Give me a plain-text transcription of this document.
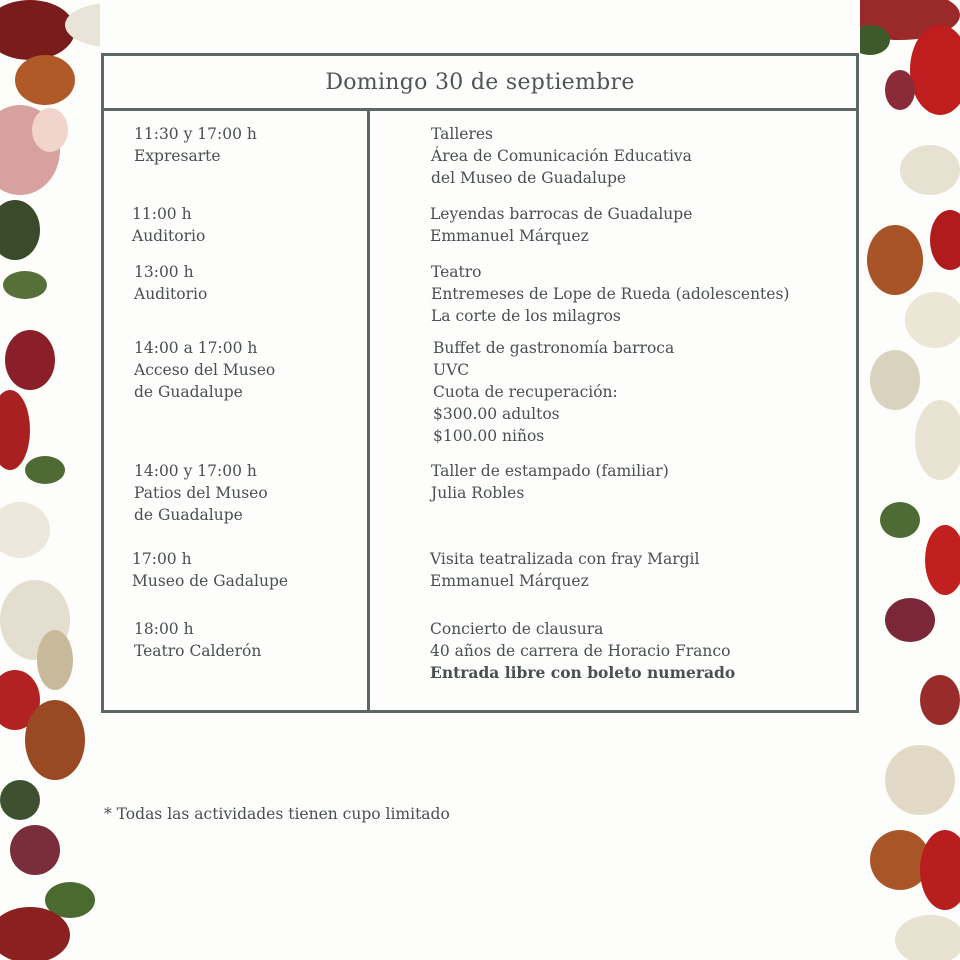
Domingo 30 de septiembre
11:30 y 17:00 h
Expresarte
Talleres
Área de Comunicación Educativa
del Museo de Guadalupe
11:00 h
Auditorio
Leyendas barrocas de Guadalupe
Emmanuel Márquez
13:00 h
Auditorio
Teatro
Entremeses de Lope de Rueda (adolescentes)
La corte de los milagros
14:00 a 17:00 h
Acceso del Museo
de Guadalupe
Buffet de gastronomía barroca
UVC
Cuota de recuperación:
$300.00 adultos
$100.00 niños
14:00 y 17:00 h
Patios del Museo
de Guadalupe
Taller de estampado (familiar)
Julia Robles
17:00 h
Museo de Gadalupe
Visita teatralizada con fray Margil
Emmanuel Márquez
18:00 h
Teatro Calderón
Concierto de clausura
40 años de carrera de Horacio Franco
Entrada libre con boleto numerado
* Todas las actividades tienen cupo limitado
